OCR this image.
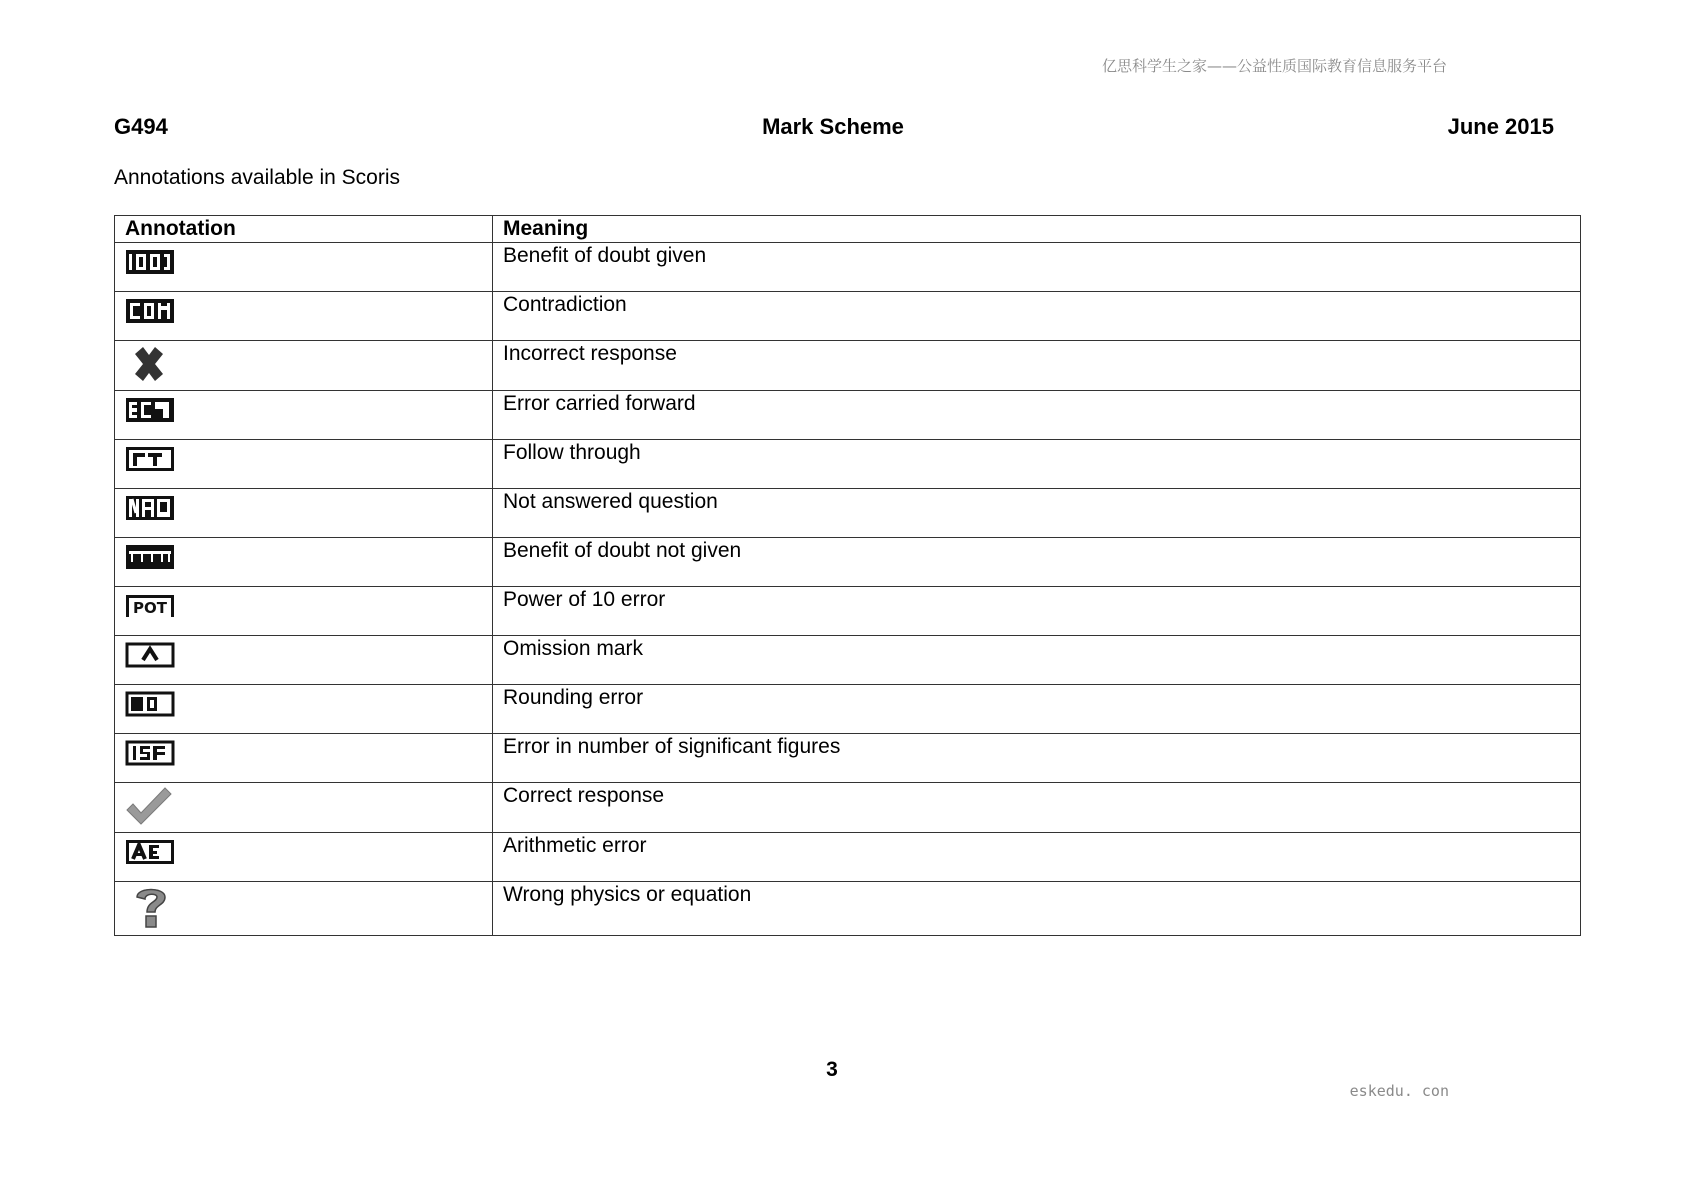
亿思科学生之家——公益性质国际教育信息服务平台
G494	Mark Scheme	June 2015
Annotations available in Scoris
Annotation	Meaning

	Benefit of doubt given

	Contradiction

	Incorrect response

	Error carried forward

	Follow through

	Not answered question

	Benefit of doubt not given

POT	Power of 10 error

	Omission mark

	Rounding error

	Error in number of significant figures

	Correct response

	Arithmetic error

	Wrong physics or equation
3
eskedu. con
